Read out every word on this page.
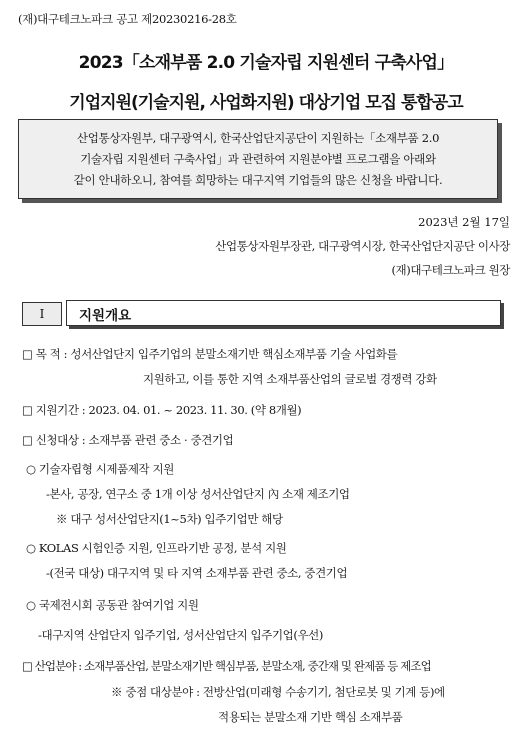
(재)대구테크노파크 공고 제20230216-28호
2023「소재부품 2.0 기술자립 지원센터 구축사업」
기업지원(기술지원, 사업화지원) 대상기업 모집 통합공고
산업통상자원부, 대구광역시, 한국산업단지공단이 지원하는「소재부품 2.0
기술자립 지원센터 구축사업」과 관련하여 지원분야별 프로그램을 아래와
같이 안내하오니, 참여를 희망하는 대구지역 기업들의 많은 신청을 바랍니다.
2023년 2월 17일
산업통상자원부장관, 대구광역시장, 한국산업단지공단 이사장
(재)대구테크노파크 원장
Ⅰ	지원개요
□ 목 적 : 성서산업단지 입주기업의 분말소재기반 핵심소재부품 기술 사업화를
지원하고, 이를 통한 지역 소재부품산업의 글로벌 경쟁력 강화
□ 지원기간 : 2023. 04. 01. ~ 2023. 11. 30. (약 8개월)
□ 신청대상 : 소재부품 관련 중소 · 중견기업
○ 기술자립형 시제품제작 지원
-본사, 공장, 연구소 중 1개 이상 성서산업단지 內 소재 제조기업
※ 대구 성서산업단지(1~5차) 입주기업만 해당
○ KOLAS 시험인증 지원, 인프라기반 공정, 분석 지원
-(전국 대상) 대구지역 및 타 지역 소재부품 관련 중소, 중견기업
○ 국제전시회 공동관 참여기업 지원
-대구지역 산업단지 입주기업, 성서산업단지 입주기업(우선)
□ 산업분야 : 소재부품산업, 분말소재기반 핵심부품, 분말소재, 중간재 및 완제품 등 제조업
※ 중점 대상분야 : 전방산업(미래형 수송기기, 첨단로봇 및 기계 등)에
적용되는 분말소재 기반 핵심 소재부품
